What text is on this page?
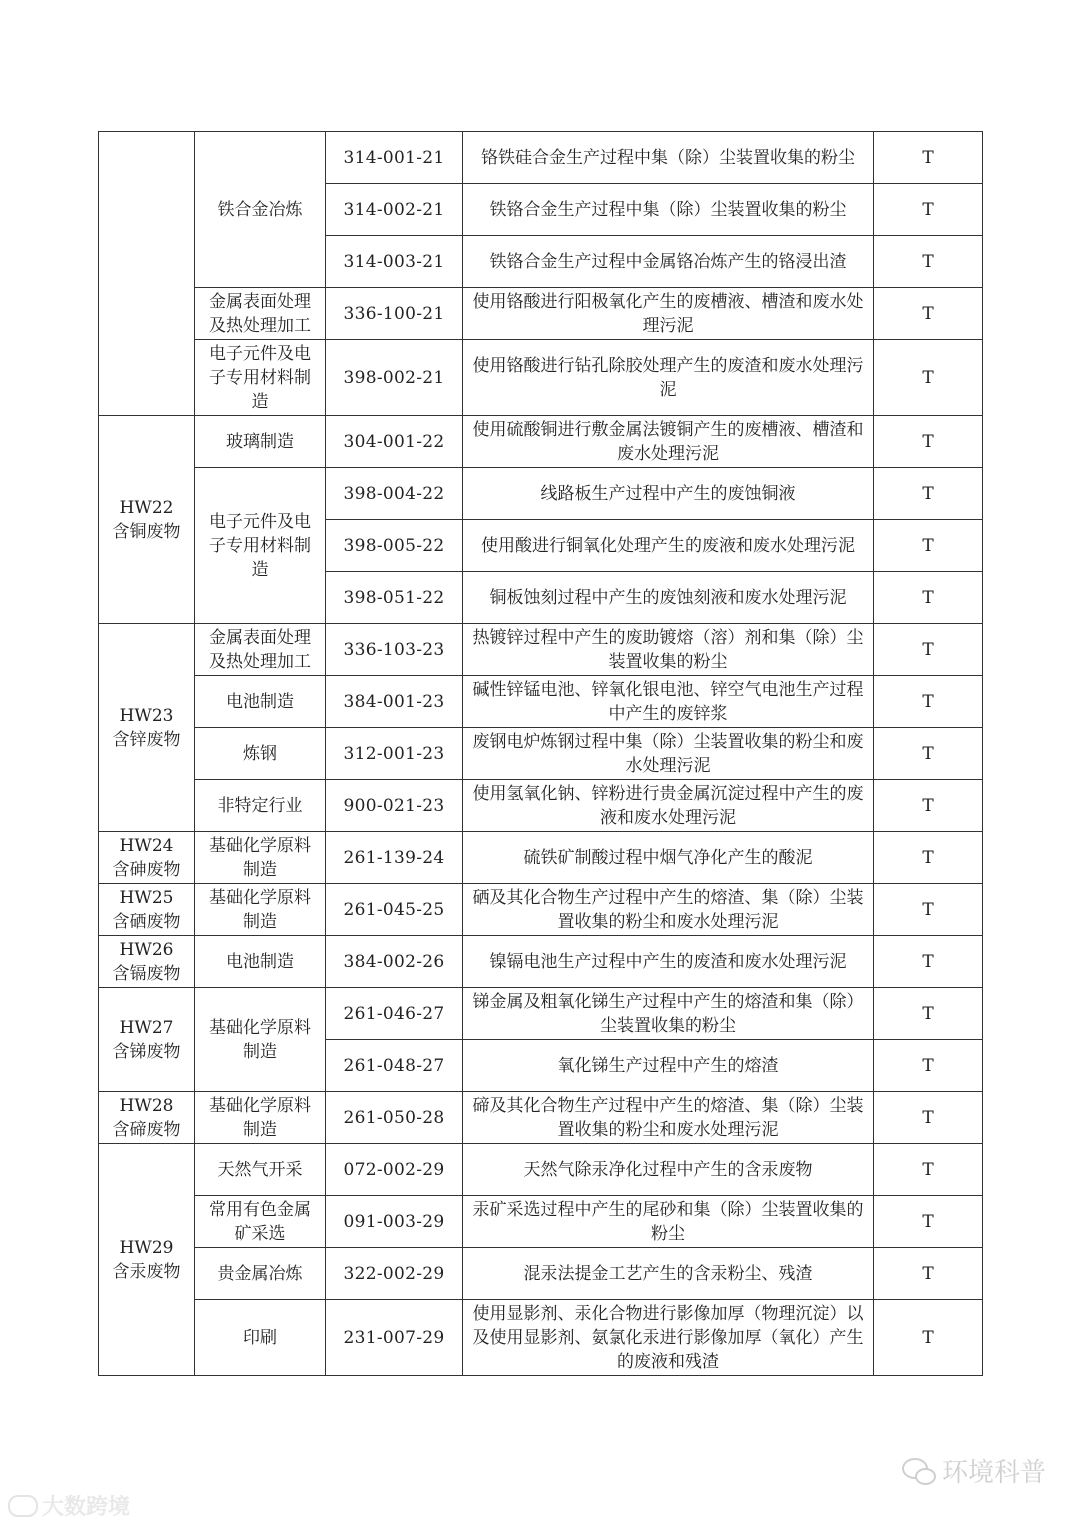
	铁合金冶炼	314-001-21	铬铁硅合金生产过程中集（除）尘装置收集的粉尘	T
		314-002-21	铁铬合金生产过程中集（除）尘装置收集的粉尘	T
		314-003-21	铁铬合金生产过程中金属铬冶炼产生的铬浸出渣	T
	金属表面处理及热处理加工	336-100-21	使用铬酸进行阳极氧化产生的废槽液、槽渣和废水处理污泥	T
	电子元件及电子专用材料制造	398-002-21	使用铬酸进行钻孔除胶处理产生的废渣和废水处理污泥	T

HW22
含铜废物	玻璃制造	304-001-22	使用硫酸铜进行敷金属法镀铜产生的废槽液、槽渣和废水处理污泥	T
	电子元件及电子专用材料制造	398-004-22	线路板生产过程中产生的废蚀铜液	T
		398-005-22	使用酸进行铜氧化处理产生的废液和废水处理污泥	T
		398-051-22	铜板蚀刻过程中产生的废蚀刻液和废水处理污泥	T

HW23
含锌废物	金属表面处理及热处理加工	336-103-23	热镀锌过程中产生的废助镀熔（溶）剂和集（除）尘装置收集的粉尘	T
	电池制造	384-001-23	碱性锌锰电池、锌氧化银电池、锌空气电池生产过程中产生的废锌浆	T
	炼钢	312-001-23	废钢电炉炼钢过程中集（除）尘装置收集的粉尘和废水处理污泥	T
	非特定行业	900-021-23	使用氢氧化钠、锌粉进行贵金属沉淀过程中产生的废液和废水处理污泥	T

HW24
含砷废物	基础化学原料制造	261-139-24	硫铁矿制酸过程中烟气净化产生的酸泥	T

HW25
含硒废物	基础化学原料制造	261-045-25	硒及其化合物生产过程中产生的熔渣、集（除）尘装置收集的粉尘和废水处理污泥	T

HW26
含镉废物	电池制造	384-002-26	镍镉电池生产过程中产生的废渣和废水处理污泥	T

HW27
含锑废物	基础化学原料制造	261-046-27	锑金属及粗氧化锑生产过程中产生的熔渣和集（除）尘装置收集的粉尘	T
		261-048-27	氧化锑生产过程中产生的熔渣	T

HW28
含碲废物	基础化学原料制造	261-050-28	碲及其化合物生产过程中产生的熔渣、集（除）尘装置收集的粉尘和废水处理污泥	T

HW29
含汞废物	天然气开采	072-002-29	天然气除汞净化过程中产生的含汞废物	T
	常用有色金属矿采选	091-003-29	汞矿采选过程中产生的尾砂和集（除）尘装置收集的粉尘	T
	贵金属冶炼	322-002-29	混汞法提金工艺产生的含汞粉尘、残渣	T
	印刷	231-007-29	使用显影剂、汞化合物进行影像加厚（物理沉淀）以及使用显影剂、氨氯化汞进行影像加厚（氧化）产生的废液和残渣	T
环境科普
大数跨境
